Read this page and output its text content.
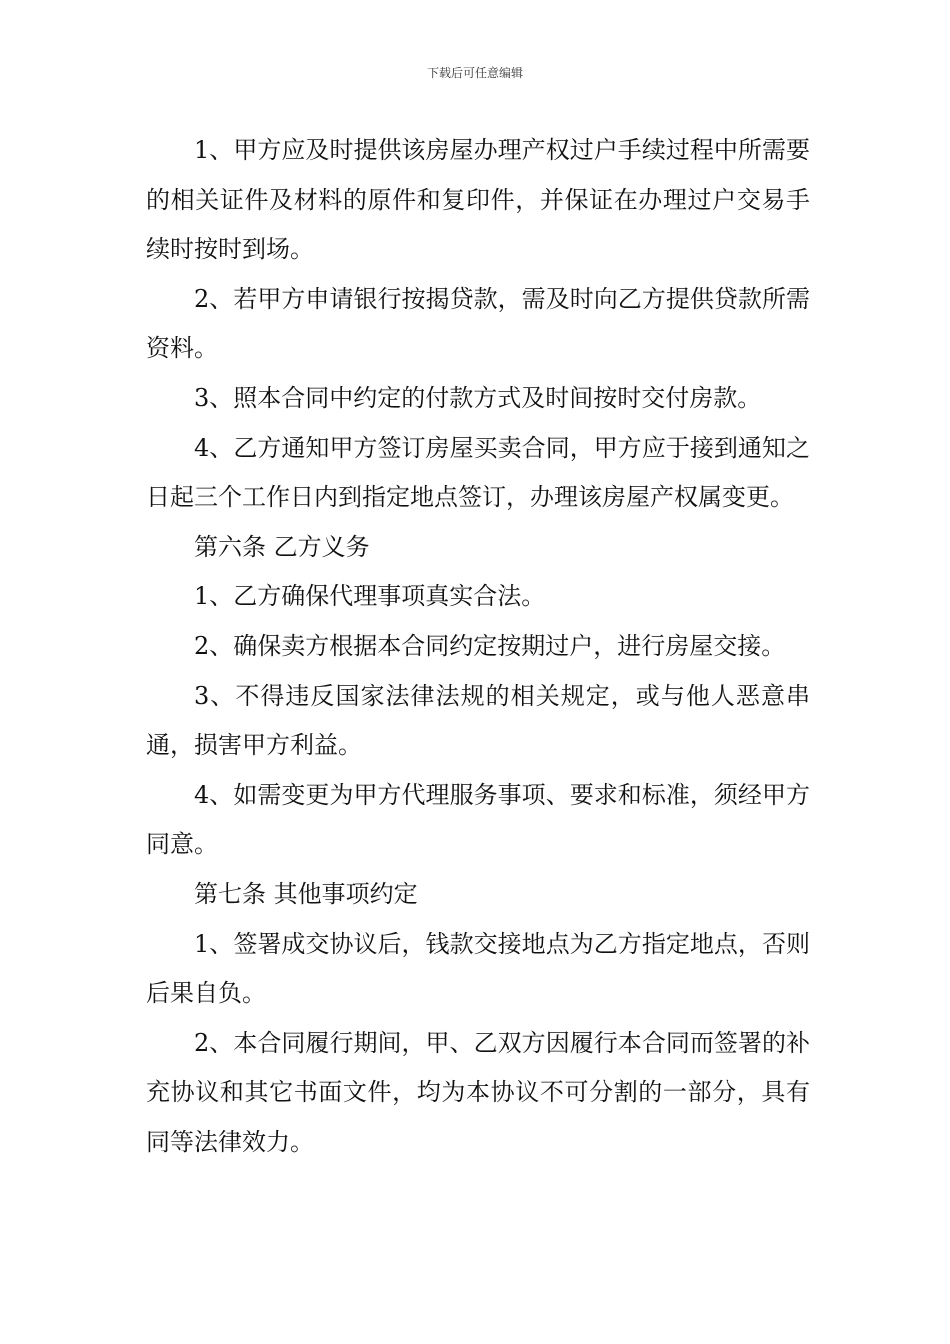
下载后可任意编辑

1、甲方应及时提供该房屋办理产权过户手续过程中所需要的相关证件及材料的原件和复印件，并保证在办理过户交易手续时按时到场。

2、若甲方申请银行按揭贷款，需及时向乙方提供贷款所需资料。

3、照本合同中约定的付款方式及时间按时交付房款。

4、乙方通知甲方签订房屋买卖合同，甲方应于接到通知之日起三个工作日内到指定地点签订，办理该房屋产权属变更。

第六条 乙方义务

1、乙方确保代理事项真实合法。

2、确保卖方根据本合同约定按期过户，进行房屋交接。

3、不得违反国家法律法规的相关规定，或与他人恶意串通，损害甲方利益。

4、如需变更为甲方代理服务事项、要求和标准，须经甲方同意。

第七条 其他事项约定

1、签署成交协议后，钱款交接地点为乙方指定地点，否则后果自负。

2、本合同履行期间，甲、乙双方因履行本合同而签署的补充协议和其它书面文件，均为本协议不可分割的一部分，具有同等法律效力。
